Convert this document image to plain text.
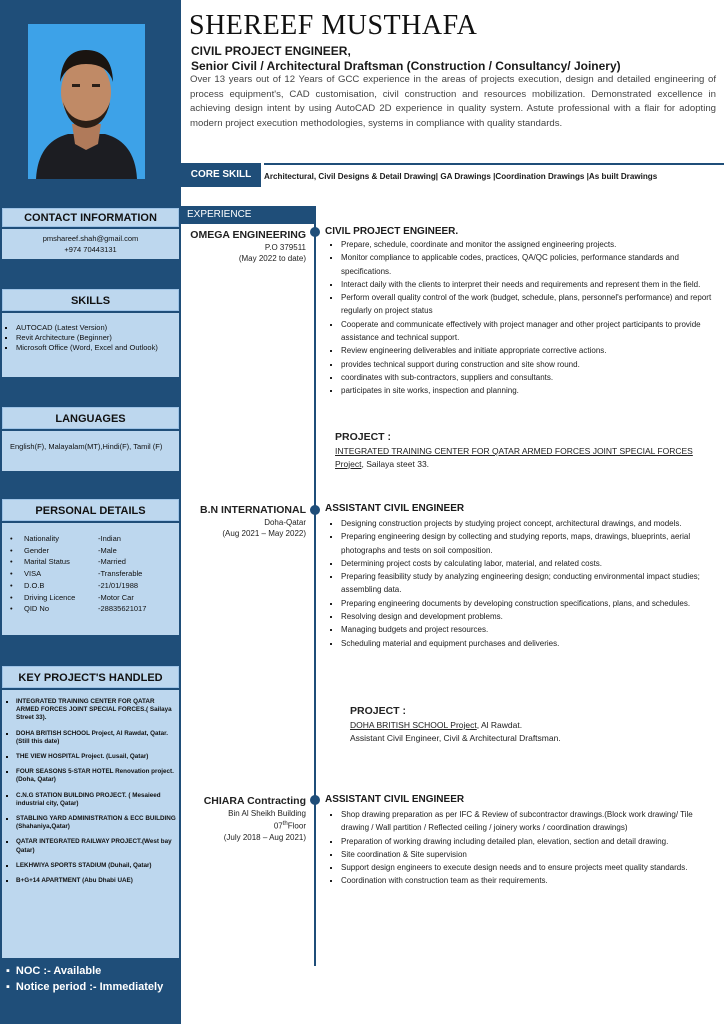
CONTACT INFORMATION
pmshareef.shah@gmail.com
+974 70443131
SKILLS
▪ AUTOCAD (Latest Version)
▪ Revit Architecture (Beginner)
▪ Microsoft Office (Word, Excel and Outlook)
LANGUAGES
English(F), Malayalam(MT),Hindi(F), Tamil (F)
PERSONAL DETAILS
•	Nationality	-Indian
•	Gender	-Male
•	Marital Status	-Married
•	VISA	-Transferable
•	D.O.B	-21/01/1988
•	Driving Licence	-Motor Car
•	QID No	-28835621017
KEY PROJECT'S HANDLED
▪ INTEGRATED TRAINING CENTER FOR QATAR ARMED FORCES JOINT SPECIAL FORCES.( Sailaya Street 33).
▪ DOHA BRITISH SCHOOL Project, Al Rawdat, Qatar. (Still this date)
▪ THE VIEW HOSPITAL Project. (Lusail, Qatar)
▪ FOUR SEASONS 5-STAR HOTEL Renovation project. (Doha, Qatar)
▪ C.N.G STATION BUILDING PROJECT. ( Mesaieed industrial city, Qatar)
▪ STABLING YARD ADMINISTRATION & ECC BUILDING (Shahaniya,Qatar)
▪ QATAR INTEGRATED RAILWAY PROJECT.(West bay Qatar)
▪ LEKHWIYA SPORTS STADIUM (Duhail, Qatar)
▪ B+G+14 APARTMENT (Abu Dhabi UAE)
▪ NOC :- Available
▪ Notice period :- Immediately
SHEREEF MUSTHAFA
CIVIL PROJECT ENGINEER,
Senior Civil / Architectural Draftsman (Construction / Consultancy/ Joinery)
Over 13 years out of 12 Years of GCC experience in the areas of projects execution, design and detailed engineering of process equipment's, CAD customisation, civil construction and resources mobilization. Demonstrated excellence in achieving design intent by using AutoCAD 2D experience in quality system. Astute professional with a flair for adopting modern project execution methodologies, systems in compliance with quality standards.
CORE SKILL	Architectural, Civil Designs & Detail Drawing| GA Drawings |Coordination Drawings |As built Drawings
EXPERIENCE
OMEGA ENGINEERING
P.O 379511
(May 2022 to date)
CIVIL PROJECT ENGINEER.
▪ Prepare, schedule, coordinate and monitor the assigned engineering projects.
▪ Monitor compliance to applicable codes, practices, QA/QC policies, performance standards and specifications.
▪ Interact daily with the clients to interpret their needs and requirements and represent them in the field.
▪ Perform overall quality control of the work (budget, schedule, plans, personnel's performance) and report regularly on project status
▪ Cooperate and communicate effectively with project manager and other project participants to provide assistance and technical support.
▪ Review engineering deliverables and initiate appropriate corrective actions.
▪ provides technical support during construction and site show round.
▪ coordinates with sub-contractors, suppliers and consultants.
▪ participates in site works, inspection and planning.
PROJECT :
INTEGRATED TRAINING CENTER FOR QATAR ARMED FORCES JOINT SPECIAL FORCES Project, Sailaya steet 33.
B.N INTERNATIONAL
Doha-Qatar
(Aug 2021 – May 2022)
ASSISTANT CIVIL ENGINEER
▪ Designing construction projects by studying project concept, architectural drawings, and models.
▪ Preparing engineering design by collecting and studying reports, maps, drawings, blueprints, aerial photographs and tests on soil composition.
▪ Determining project costs by calculating labor, material, and related costs.
▪ Preparing feasibility study by analyzing engineering design; conducting environmental impact studies; assembling data.
▪ Preparing engineering documents by developing construction specifications, plans, and schedules.
▪ Resolving design and development problems.
▪ Managing budgets and project resources.
▪ Scheduling material and equipment purchases and deliveries.
PROJECT :
DOHA BRITISH SCHOOL Project, Al Rawdat.
Assistant Civil Engineer, Civil & Architectural Draftsman.
CHIARA Contracting
Bin Al Sheikh Building
07thFloor
(July 2018 – Aug 2021)
ASSISTANT CIVIL ENGINEER
▪ Shop drawing preparation as per IFC & Review of subcontractor drawings.(Block work drawing/ Tile drawing / Wall partition / Reflected ceiling / joinery works / coordination drawings)
▪ Preparation of working drawing including detailed plan, elevation, section and detail drawing.
▪ Site coordination & Site supervision
▪ Support design engineers to execute design needs and to ensure projects meet quality standards.
▪ Coordination with construction team as their requirements.
